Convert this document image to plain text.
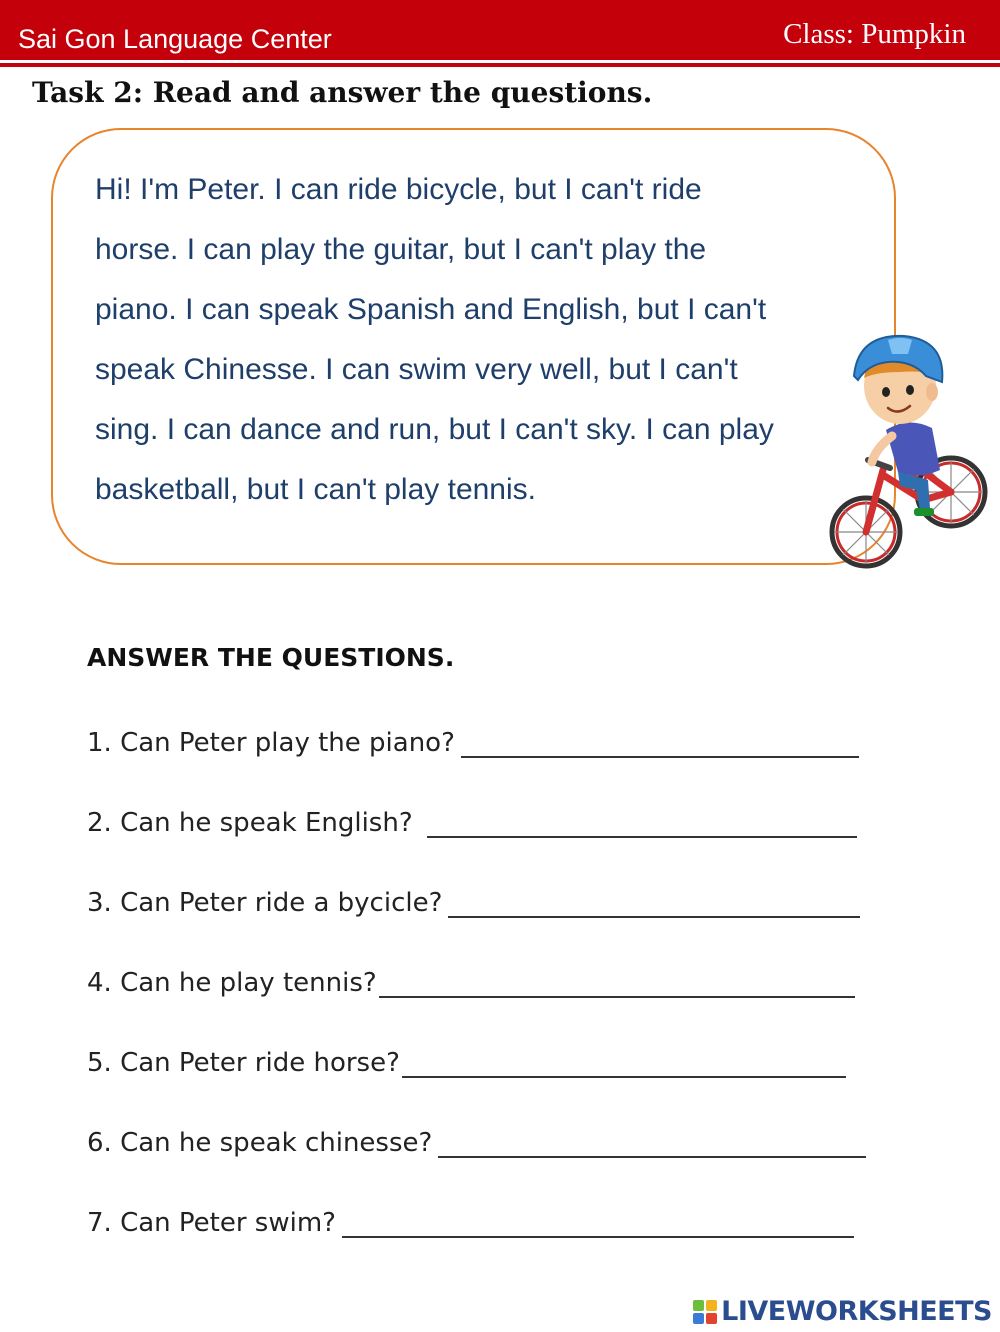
Sai Gon Language Center	Class: Pumpkin
Task 2: Read and answer the questions.

Hi! I'm Peter. I can ride bicycle, but I can't ride
horse. I can play the guitar, but I can't play the
piano. I can speak Spanish and English, but I can't
speak Chinesse. I can swim very well, but I can't
sing. I can dance and run, but I can't sky. I can play
basketball, but I can't play tennis.

ANSWER THE QUESTIONS.
1. Can Peter play the piano?
2. Can he speak English?
3. Can Peter ride a bycicle?
4. Can he play tennis?
5. Can Peter ride horse?
6. Can he speak chinesse?
7. Can Peter swim?
LIVEWORKSHEETS
